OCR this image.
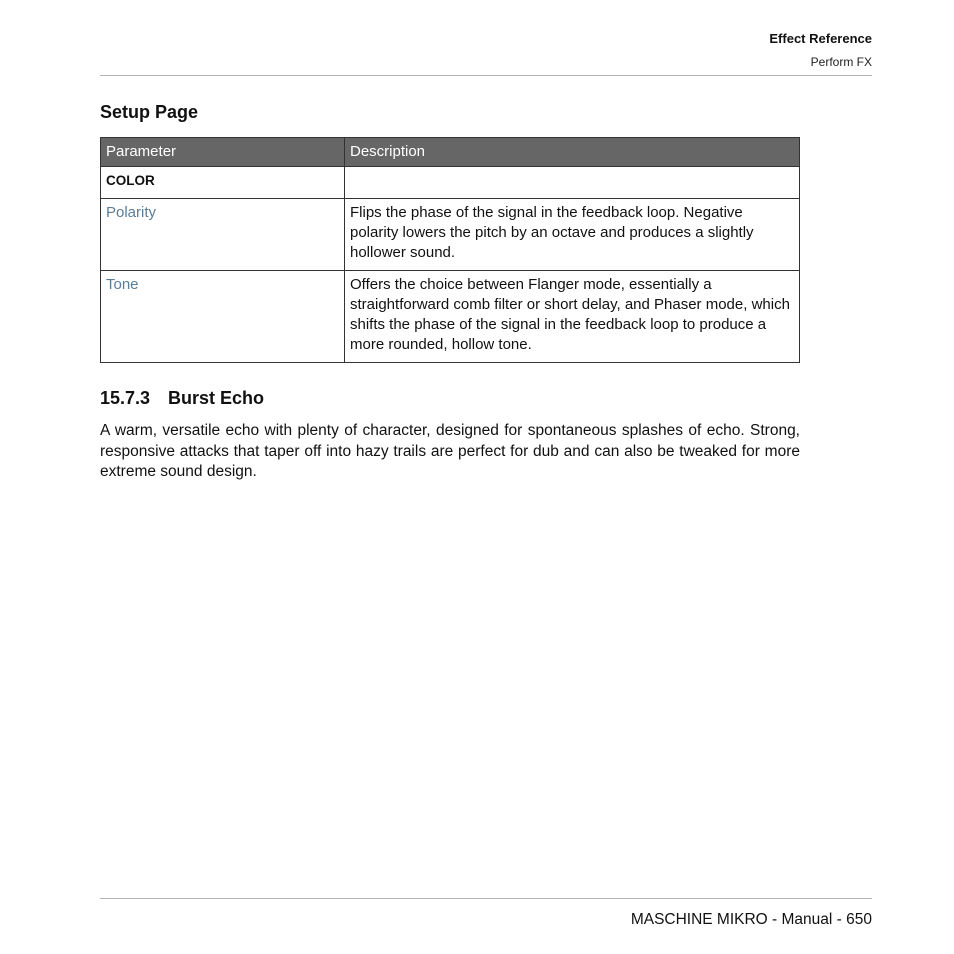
Effect Reference
Perform FX
Setup Page
Parameter	Description
COLOR	
Polarity	Flips the phase of the signal in the feedback loop. Negative polarity lowers the pitch by an octave and produces a slightly hollower sound.
Tone	Offers the choice between Flanger mode, essentially a straightforward comb filter or short delay, and Phaser mode, which shifts the phase of the signal in the feedback loop to produce a more rounded, hollow tone.
15.7.3 Burst Echo
A warm, versatile echo with plenty of character, designed for spontaneous splashes of echo. Strong, responsive attacks that taper off into hazy trails are perfect for dub and can also be tweaked for more extreme sound design.
MASCHINE MIKRO - Manual - 650
